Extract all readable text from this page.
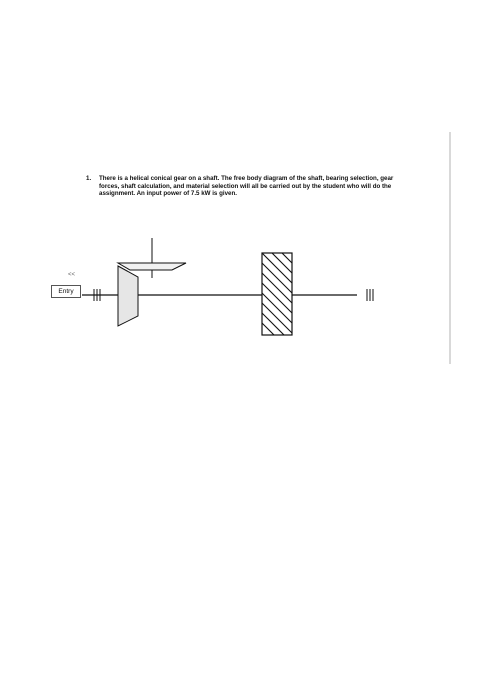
1. There is a helical conical gear on a shaft. The free body diagram of the shaft, bearing selection, gear forces, shaft calculation, and material selection will all be carried out by the student who will do the assignment. An input power of 7.5 kW is given.
<<
Entry
